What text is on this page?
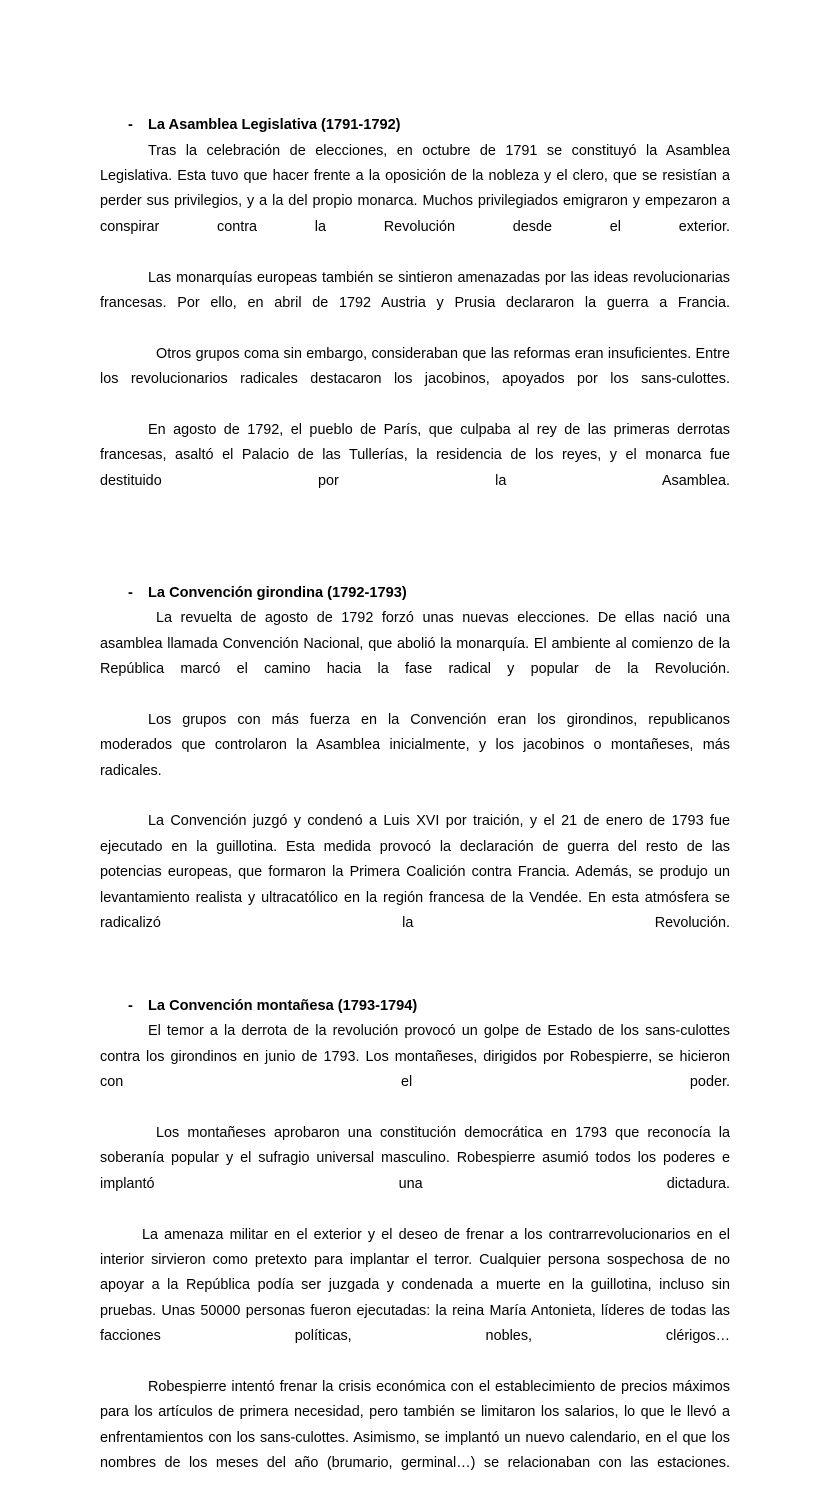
-	La Asamblea Legislativa (1791-1792)

Tras la celebración de elecciones, en octubre de 1791 se constituyó la Asamblea Legislativa. Esta tuvo que hacer frente a la oposición de la nobleza y el clero, que se resistían a perder sus privilegios, y a la del propio monarca. Muchos privilegiados emigraron y empezaron a conspirar contra la Revolución desde el exterior.

Las monarquías europeas también se sintieron amenazadas por las ideas revolucionarias francesas. Por ello, en abril de 1792 Austria y Prusia declararon la guerra a Francia.

Otros grupos coma sin embargo, consideraban que las reformas eran insuficientes. Entre los revolucionarios radicales destacaron los jacobinos, apoyados por los sans-culottes.

En agosto de 1792, el pueblo de París, que culpaba al rey de las primeras derrotas francesas, asaltó el Palacio de las Tullerías, la residencia de los reyes, y el monarca fue destituido por la Asamblea.

-	La Convención girondina (1792-1793)

La revuelta de agosto de 1792 forzó unas nuevas elecciones. De ellas nació una asamblea llamada Convención Nacional, que abolió la monarquía. El ambiente al comienzo de la República marcó el camino hacia la fase radical y popular de la Revolución.

Los grupos con más fuerza en la Convención eran los girondinos, republicanos moderados que controlaron la Asamblea inicialmente, y los jacobinos o montañeses, más radicales.

La Convención juzgó y condenó a Luis XVI por traición, y el 21 de enero de 1793 fue ejecutado en la guillotina. Esta medida provocó la declaración de guerra del resto de las potencias europeas, que formaron la Primera Coalición contra Francia. Además, se produjo un levantamiento realista y ultracatólico en la región francesa de la Vendée. En esta atmósfera se radicalizó la Revolución.

-	La Convención montañesa (1793-1794)

El temor a la derrota de la revolución provocó un golpe de Estado de los sans-culottes contra los girondinos en junio de 1793. Los montañeses, dirigidos por Robespierre, se hicieron con el poder.

Los montañeses aprobaron una constitución democrática en 1793 que reconocía la soberanía popular y el sufragio universal masculino. Robespierre asumió todos los poderes e implantó una dictadura.

La amenaza militar en el exterior y el deseo de frenar a los contrarrevolucionarios en el interior sirvieron como pretexto para implantar el terror. Cualquier persona sospechosa de no apoyar a la República podía ser juzgada y condenada a muerte en la guillotina, incluso sin pruebas. Unas 50000 personas fueron ejecutadas: la reina María Antonieta, líderes de todas las facciones políticas, nobles, clérigos…

Robespierre intentó frenar la crisis económica con el establecimiento de precios máximos para los artículos de primera necesidad, pero también se limitaron los salarios, lo que le llevó a enfrentamientos con los sans-culottes. Asimismo, se implantó un nuevo calendario, en el que los nombres de los meses del año (brumario, germinal…) se relacionaban con las estaciones.
